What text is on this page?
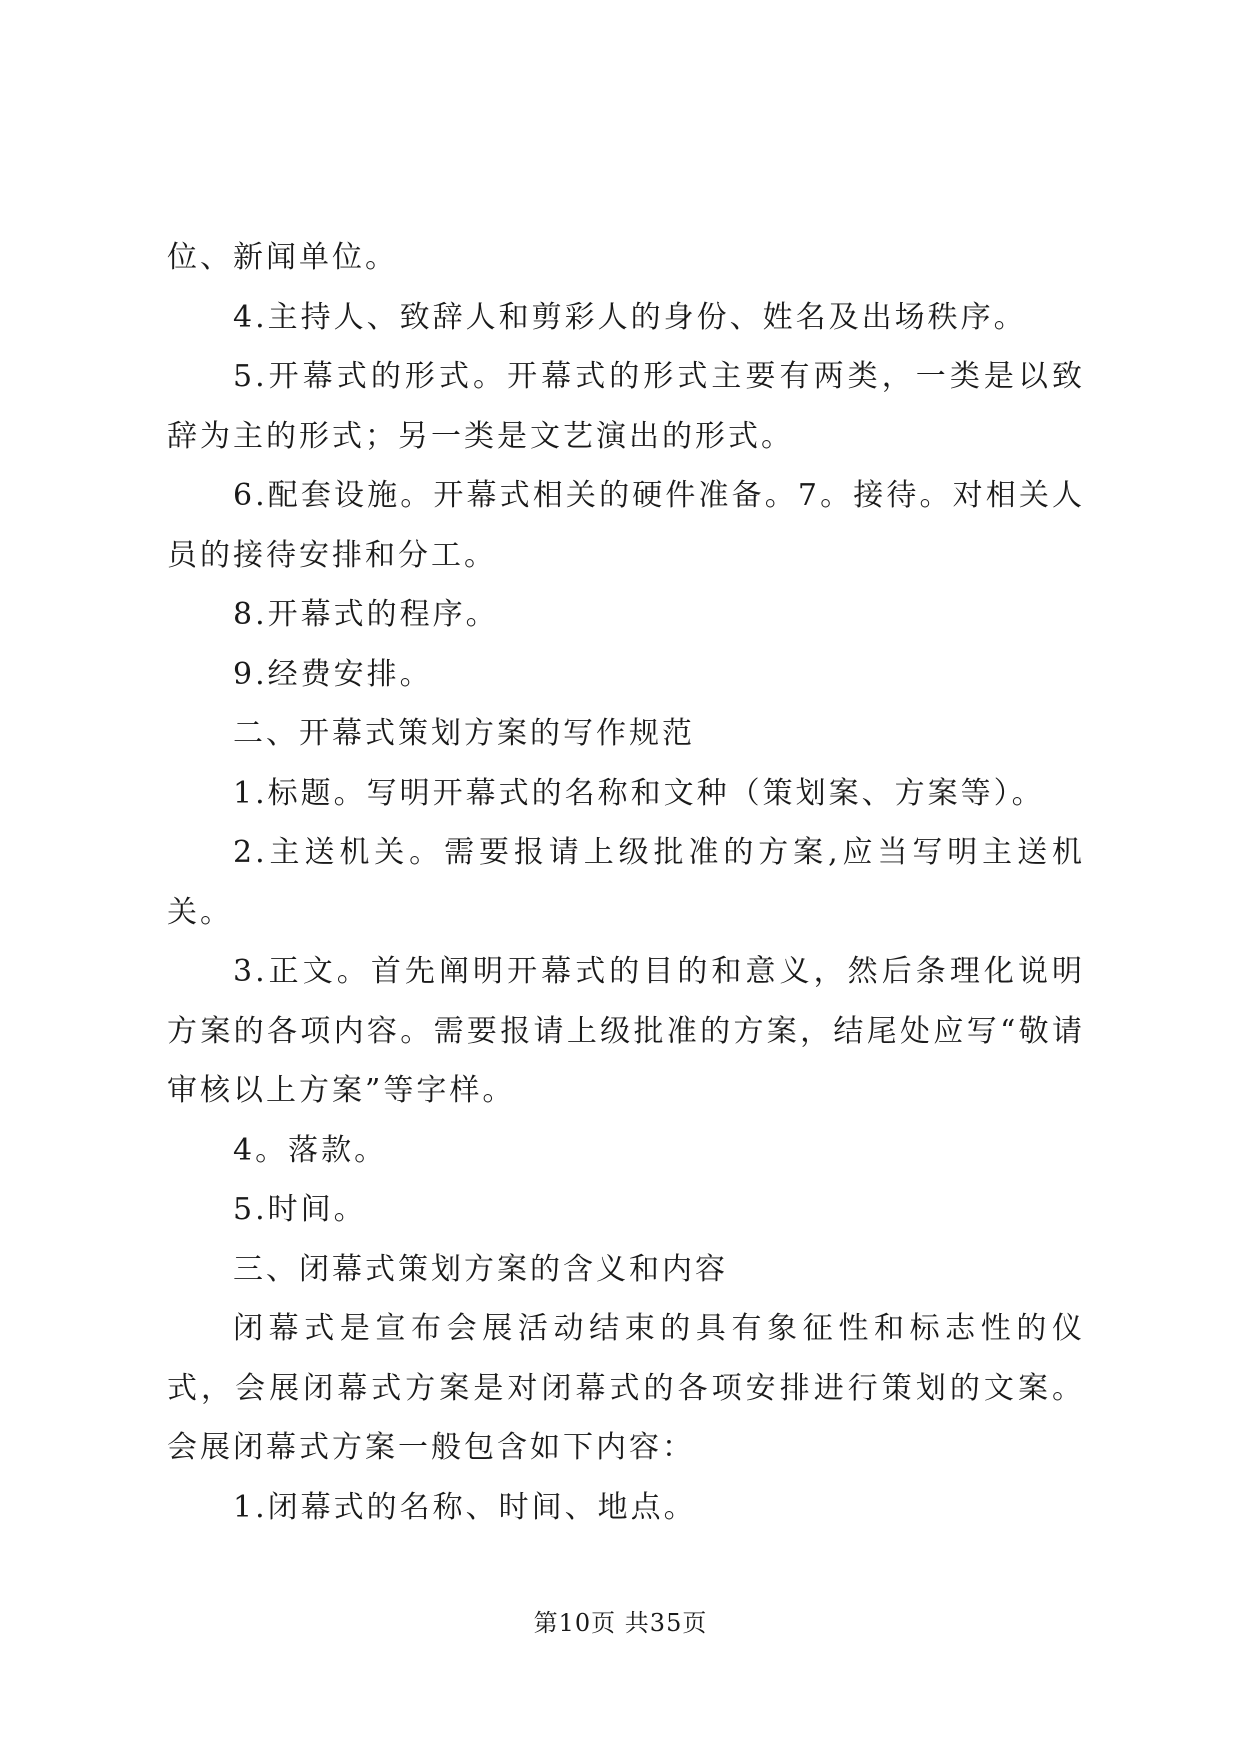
位、新闻单位。

4.主持人、致辞人和剪彩人的身份、姓名及出场秩序。

5.开幕式的形式。开幕式的形式主要有两类，一类是以致辞为主的形式；另一类是文艺演出的形式。

6.配套设施。开幕式相关的硬件准备。7。接待。对相关人员的接待安排和分工。

8.开幕式的程序。

9.经费安排。

二、开幕式策划方案的写作规范

1.标题。写明开幕式的名称和文种（策划案、方案等）。

2.主送机关。需要报请上级批准的方案,应当写明主送机关。

3.正文。首先阐明开幕式的目的和意义，然后条理化说明方案的各项内容。需要报请上级批准的方案，结尾处应写“敬请审核以上方案”等字样。

4。落款。

5.时间。

三、闭幕式策划方案的含义和内容

闭幕式是宣布会展活动结束的具有象征性和标志性的仪式，会展闭幕式方案是对闭幕式的各项安排进行策划的文案。会展闭幕式方案一般包含如下内容：

1.闭幕式的名称、时间、地点。

第10页 共35页
